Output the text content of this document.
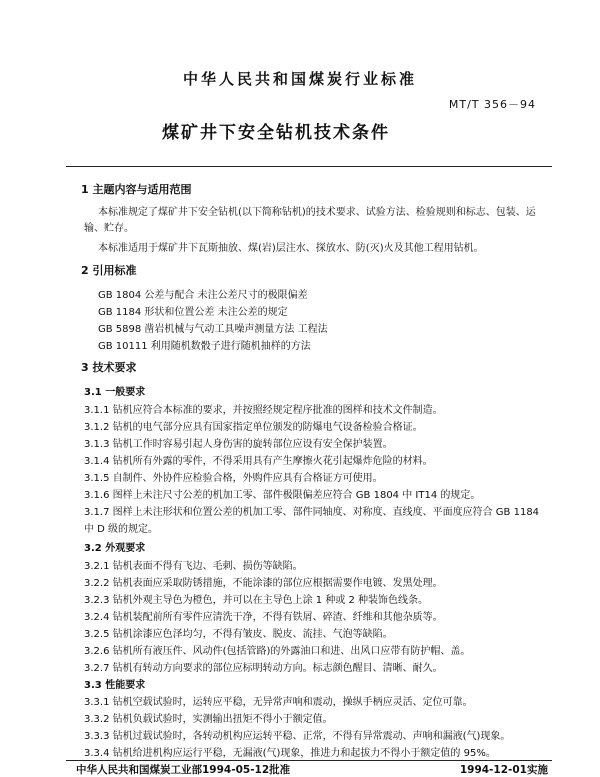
中华人民共和国煤炭行业标准
MT/T 356－94
煤矿井下安全钻机技术条件
1 主题内容与适用范围
本标准规定了煤矿井下安全钻机(以下简称钻机)的技术要求、试验方法、检验规则和标志、包装、运输、贮存。
本标准适用于煤矿井下瓦斯抽放、煤(岩)层注水、探放水、防(灭)火及其他工程用钻机。
2 引用标准
GB 1804 公差与配合 未注公差尺寸的极限偏差
GB 1184 形状和位置公差 未注公差的规定
GB 5898 凿岩机械与气动工具噪声测量方法 工程法
GB 10111 利用随机数骰子进行随机抽样的方法
3 技术要求
3.1 一般要求
3.1.1 钻机应符合本标准的要求，并按照经规定程序批准的图样和技术文件制造。
3.1.2 钻机的电气部分应具有国家指定单位颁发的防爆电气设备检验合格证。
3.1.3 钻机工作时容易引起人身伤害的旋转部位应设有安全保护装置。
3.1.4 钻机所有外露的零件，不得采用具有产生摩擦火花引起爆炸危险的材料。
3.1.5 自制件、外协件应检验合格，外购件应具有合格证方可使用。
3.1.6 图样上未注尺寸公差的机加工零、部件极限偏差应符合 GB 1804 中 IT14 的规定。
3.1.7 图样上未注形状和位置公差的机加工零、部件同轴度、对称度、直线度、平面度应符合 GB 1184
中 D 级的规定。
3.2 外观要求
3.2.1 钻机表面不得有飞边、毛刺、损伤等缺陷。
3.2.2 钻机表面应采取防锈措施，不能涂漆的部位应根据需要作电镀、发黑处理。
3.2.3 钻机外观主导色为橙色，并可以在主导色上涂 1 种或 2 种装饰色线条。
3.2.4 钻机装配前所有零件应清洗干净，不得有铁屑、碎渣、纤维和其他杂质等。
3.2.5 钻机涂漆应色泽均匀，不得有皱皮、脱皮、流挂、气泡等缺陷。
3.2.6 钻机所有液压件、风动件(包括管路)的外露油口和进、出风口应带有防护帽、盖。
3.2.7 钻机有转动方向要求的部位应标明转动方向。标志颜色醒目、清晰、耐久。
3.3 性能要求
3.3.1 钻机空载试验时，运转应平稳，无异常声响和震动，操纵手柄应灵活、定位可靠。
3.3.2 钻机负载试验时，实测输出扭矩不得小于额定值。
3.3.3 钻机过载试验时，各转动机构应运转平稳、正常，不得有异常震动、声响和漏液(气)现象。
3.3.4 钻机给进机构应运行平稳，无漏液(气)现象，推进力和起拔力不得小于额定值的 95%。
中华人民共和国煤炭工业部1994-05-12批准	1994-12-01实施
